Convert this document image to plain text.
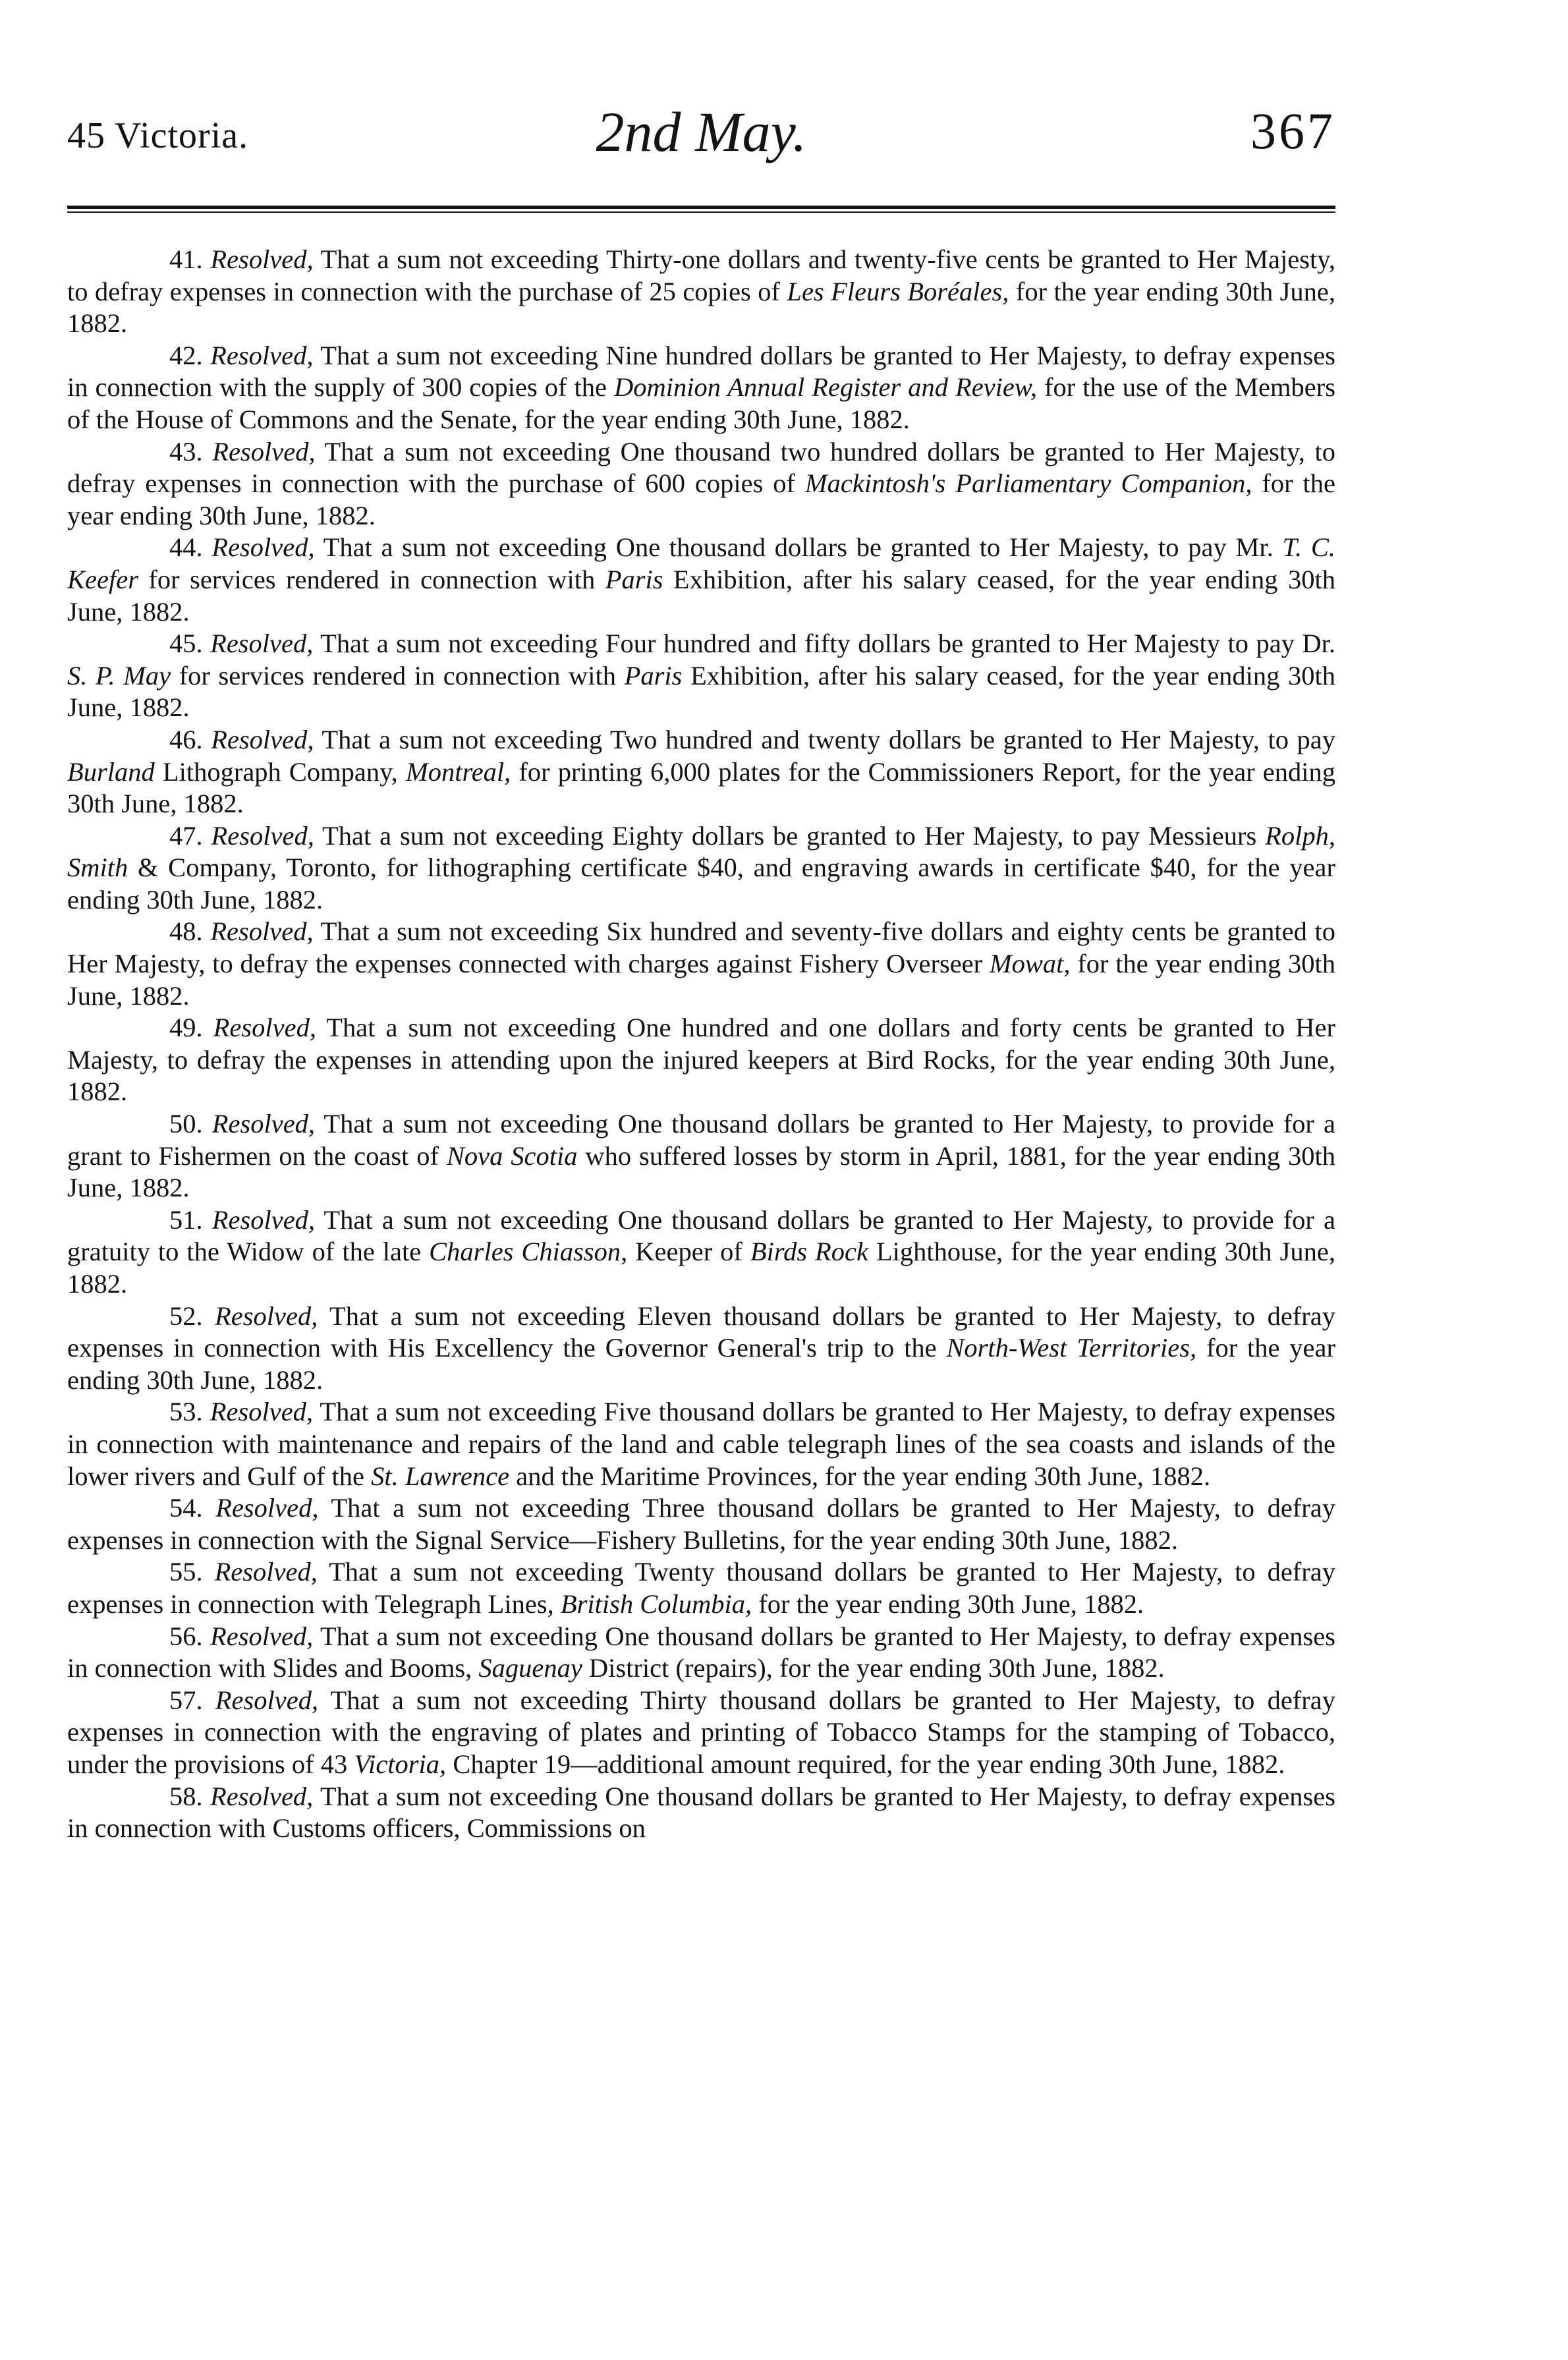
45 Victoria.	2nd May.	367

41. Resolved, That a sum not exceeding Thirty-one dollars and twenty-five cents be granted to Her Majesty, to defray expenses in connection with the purchase of 25 copies of Les Fleurs Boréales, for the year ending 30th June, 1882.

42. Resolved, That a sum not exceeding Nine hundred dollars be granted to Her Majesty, to defray expenses in connection with the supply of 300 copies of the Dominion Annual Register and Review, for the use of the Members of the House of Commons and the Senate, for the year ending 30th June, 1882.

43. Resolved, That a sum not exceeding One thousand two hundred dollars be granted to Her Majesty, to defray expenses in connection with the purchase of 600 copies of Mackintosh's Parliamentary Companion, for the year ending 30th June, 1882.

44. Resolved, That a sum not exceeding One thousand dollars be granted to Her Majesty, to pay Mr. T. C. Keefer for services rendered in connection with Paris Exhibition, after his salary ceased, for the year ending 30th June, 1882.

45. Resolved, That a sum not exceeding Four hundred and fifty dollars be granted to Her Majesty to pay Dr. S. P. May for services rendered in connection with Paris Exhibition, after his salary ceased, for the year ending 30th June, 1882.

46. Resolved, That a sum not exceeding Two hundred and twenty dollars be granted to Her Majesty, to pay Burland Lithograph Company, Montreal, for printing 6,000 plates for the Commissioners Report, for the year ending 30th June, 1882.

47. Resolved, That a sum not exceeding Eighty dollars be granted to Her Majesty, to pay Messieurs Rolph, Smith & Company, Toronto, for lithographing certificate $40, and engraving awards in certificate $40, for the year ending 30th June, 1882.

48. Resolved, That a sum not exceeding Six hundred and seventy-five dollars and eighty cents be granted to Her Majesty, to defray the expenses connected with charges against Fishery Overseer Mowat, for the year ending 30th June, 1882.

49. Resolved, That a sum not exceeding One hundred and one dollars and forty cents be granted to Her Majesty, to defray the expenses in attending upon the injured keepers at Bird Rocks, for the year ending 30th June, 1882.

50. Resolved, That a sum not exceeding One thousand dollars be granted to Her Majesty, to provide for a grant to Fishermen on the coast of Nova Scotia who suffered losses by storm in April, 1881, for the year ending 30th June, 1882.

51. Resolved, That a sum not exceeding One thousand dollars be granted to Her Majesty, to provide for a gratuity to the Widow of the late Charles Chiasson, Keeper of Birds Rock Lighthouse, for the year ending 30th June, 1882.

52. Resolved, That a sum not exceeding Eleven thousand dollars be granted to Her Majesty, to defray expenses in connection with His Excellency the Governor General's trip to the North-West Territories, for the year ending 30th June, 1882.

53. Resolved, That a sum not exceeding Five thousand dollars be granted to Her Majesty, to defray expenses in connection with maintenance and repairs of the land and cable telegraph lines of the sea coasts and islands of the lower rivers and Gulf of the St. Lawrence and the Maritime Provinces, for the year ending 30th June, 1882.

54. Resolved, That a sum not exceeding Three thousand dollars be granted to Her Majesty, to defray expenses in connection with the Signal Service—Fishery Bulletins, for the year ending 30th June, 1882.

55. Resolved, That a sum not exceeding Twenty thousand dollars be granted to Her Majesty, to defray expenses in connection with Telegraph Lines, British Columbia, for the year ending 30th June, 1882.

56. Resolved, That a sum not exceeding One thousand dollars be granted to Her Majesty, to defray expenses in connection with Slides and Booms, Saguenay District (repairs), for the year ending 30th June, 1882.

57. Resolved, That a sum not exceeding Thirty thousand dollars be granted to Her Majesty, to defray expenses in connection with the engraving of plates and printing of Tobacco Stamps for the stamping of Tobacco, under the provisions of 43 Victoria, Chapter 19—additional amount required, for the year ending 30th June, 1882.

58. Resolved, That a sum not exceeding One thousand dollars be granted to Her Majesty, to defray expenses in connection with Customs officers, Commissions on
